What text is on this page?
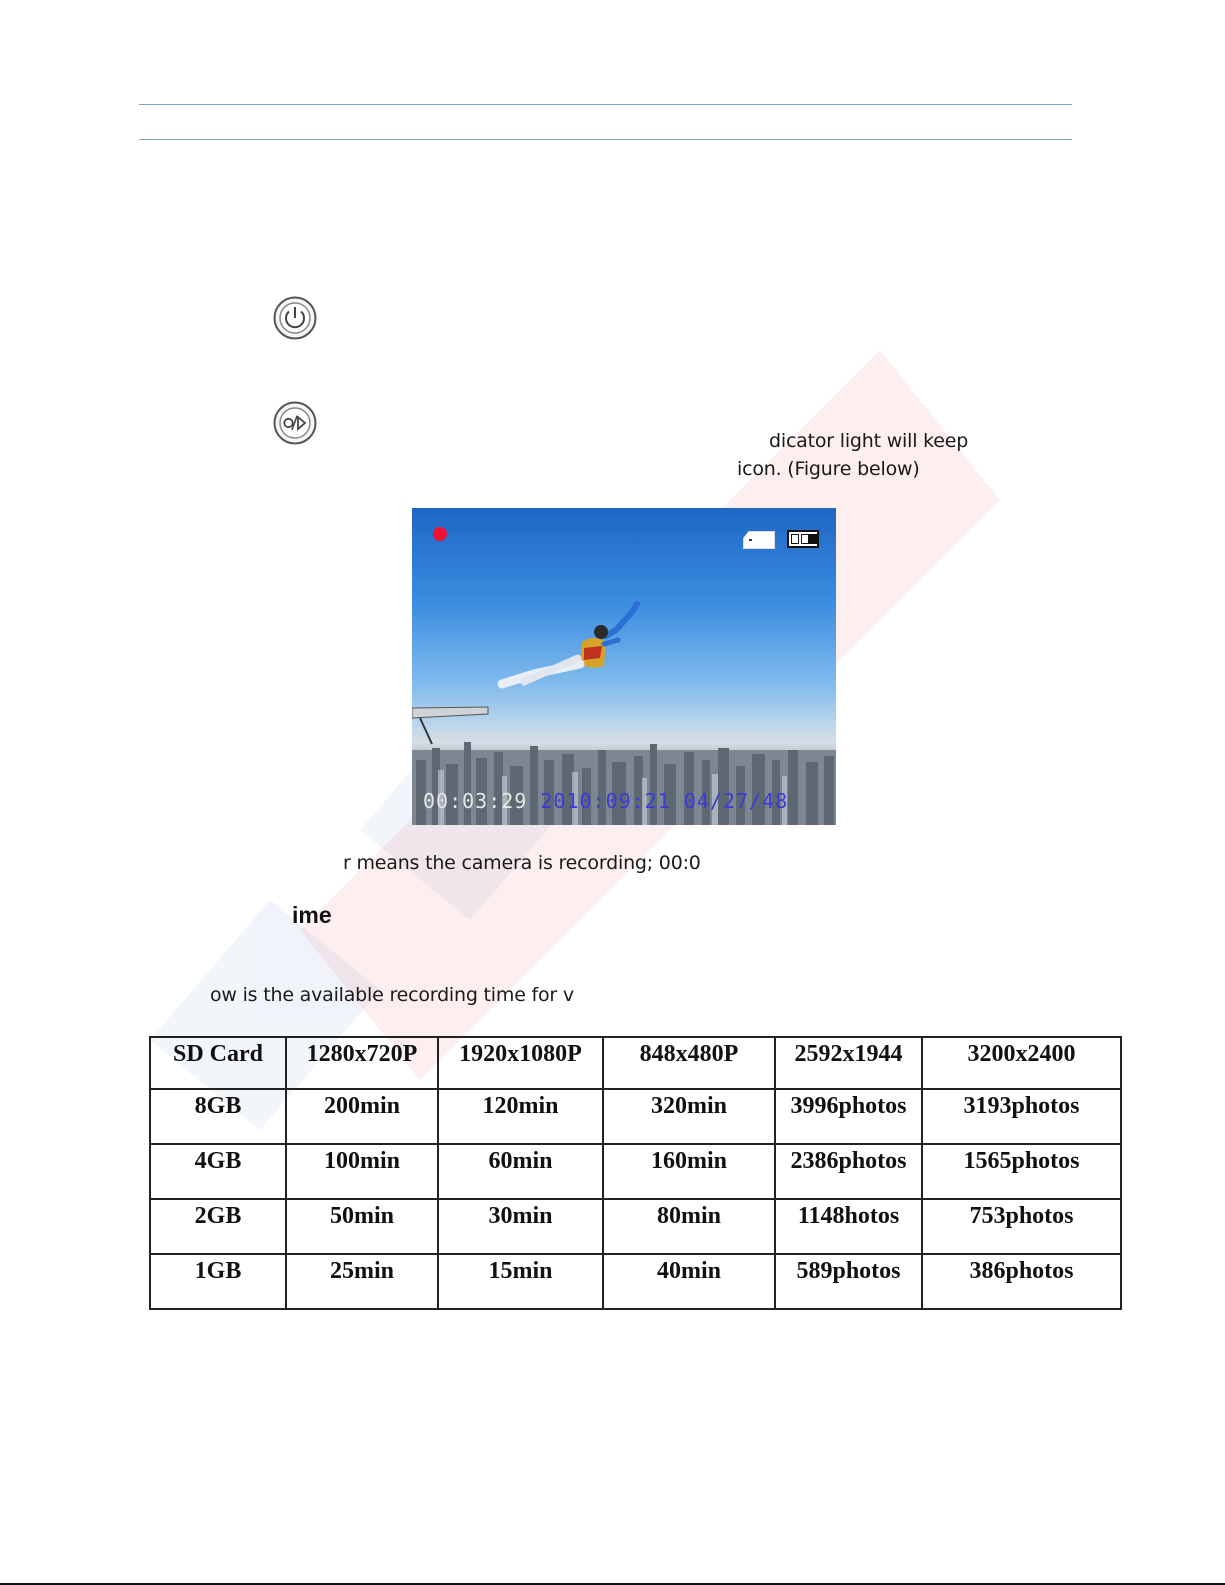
dicator light will keep
icon. (Figure below)
00:03:29 2010:09:21 04/27/48
r means the camera is recording; 00:0
ime
ow is the available recording time for v
SD Card	1280x720P	1920x1080P	848x480P	2592x1944	3200x2400
8GB	200min	120min	320min	3996photos	3193photos
4GB	100min	60min	160min	2386photos	1565photos
2GB	50min	30min	80min	1148hotos	753photos
1GB	25min	15min	40min	589photos	386photos
